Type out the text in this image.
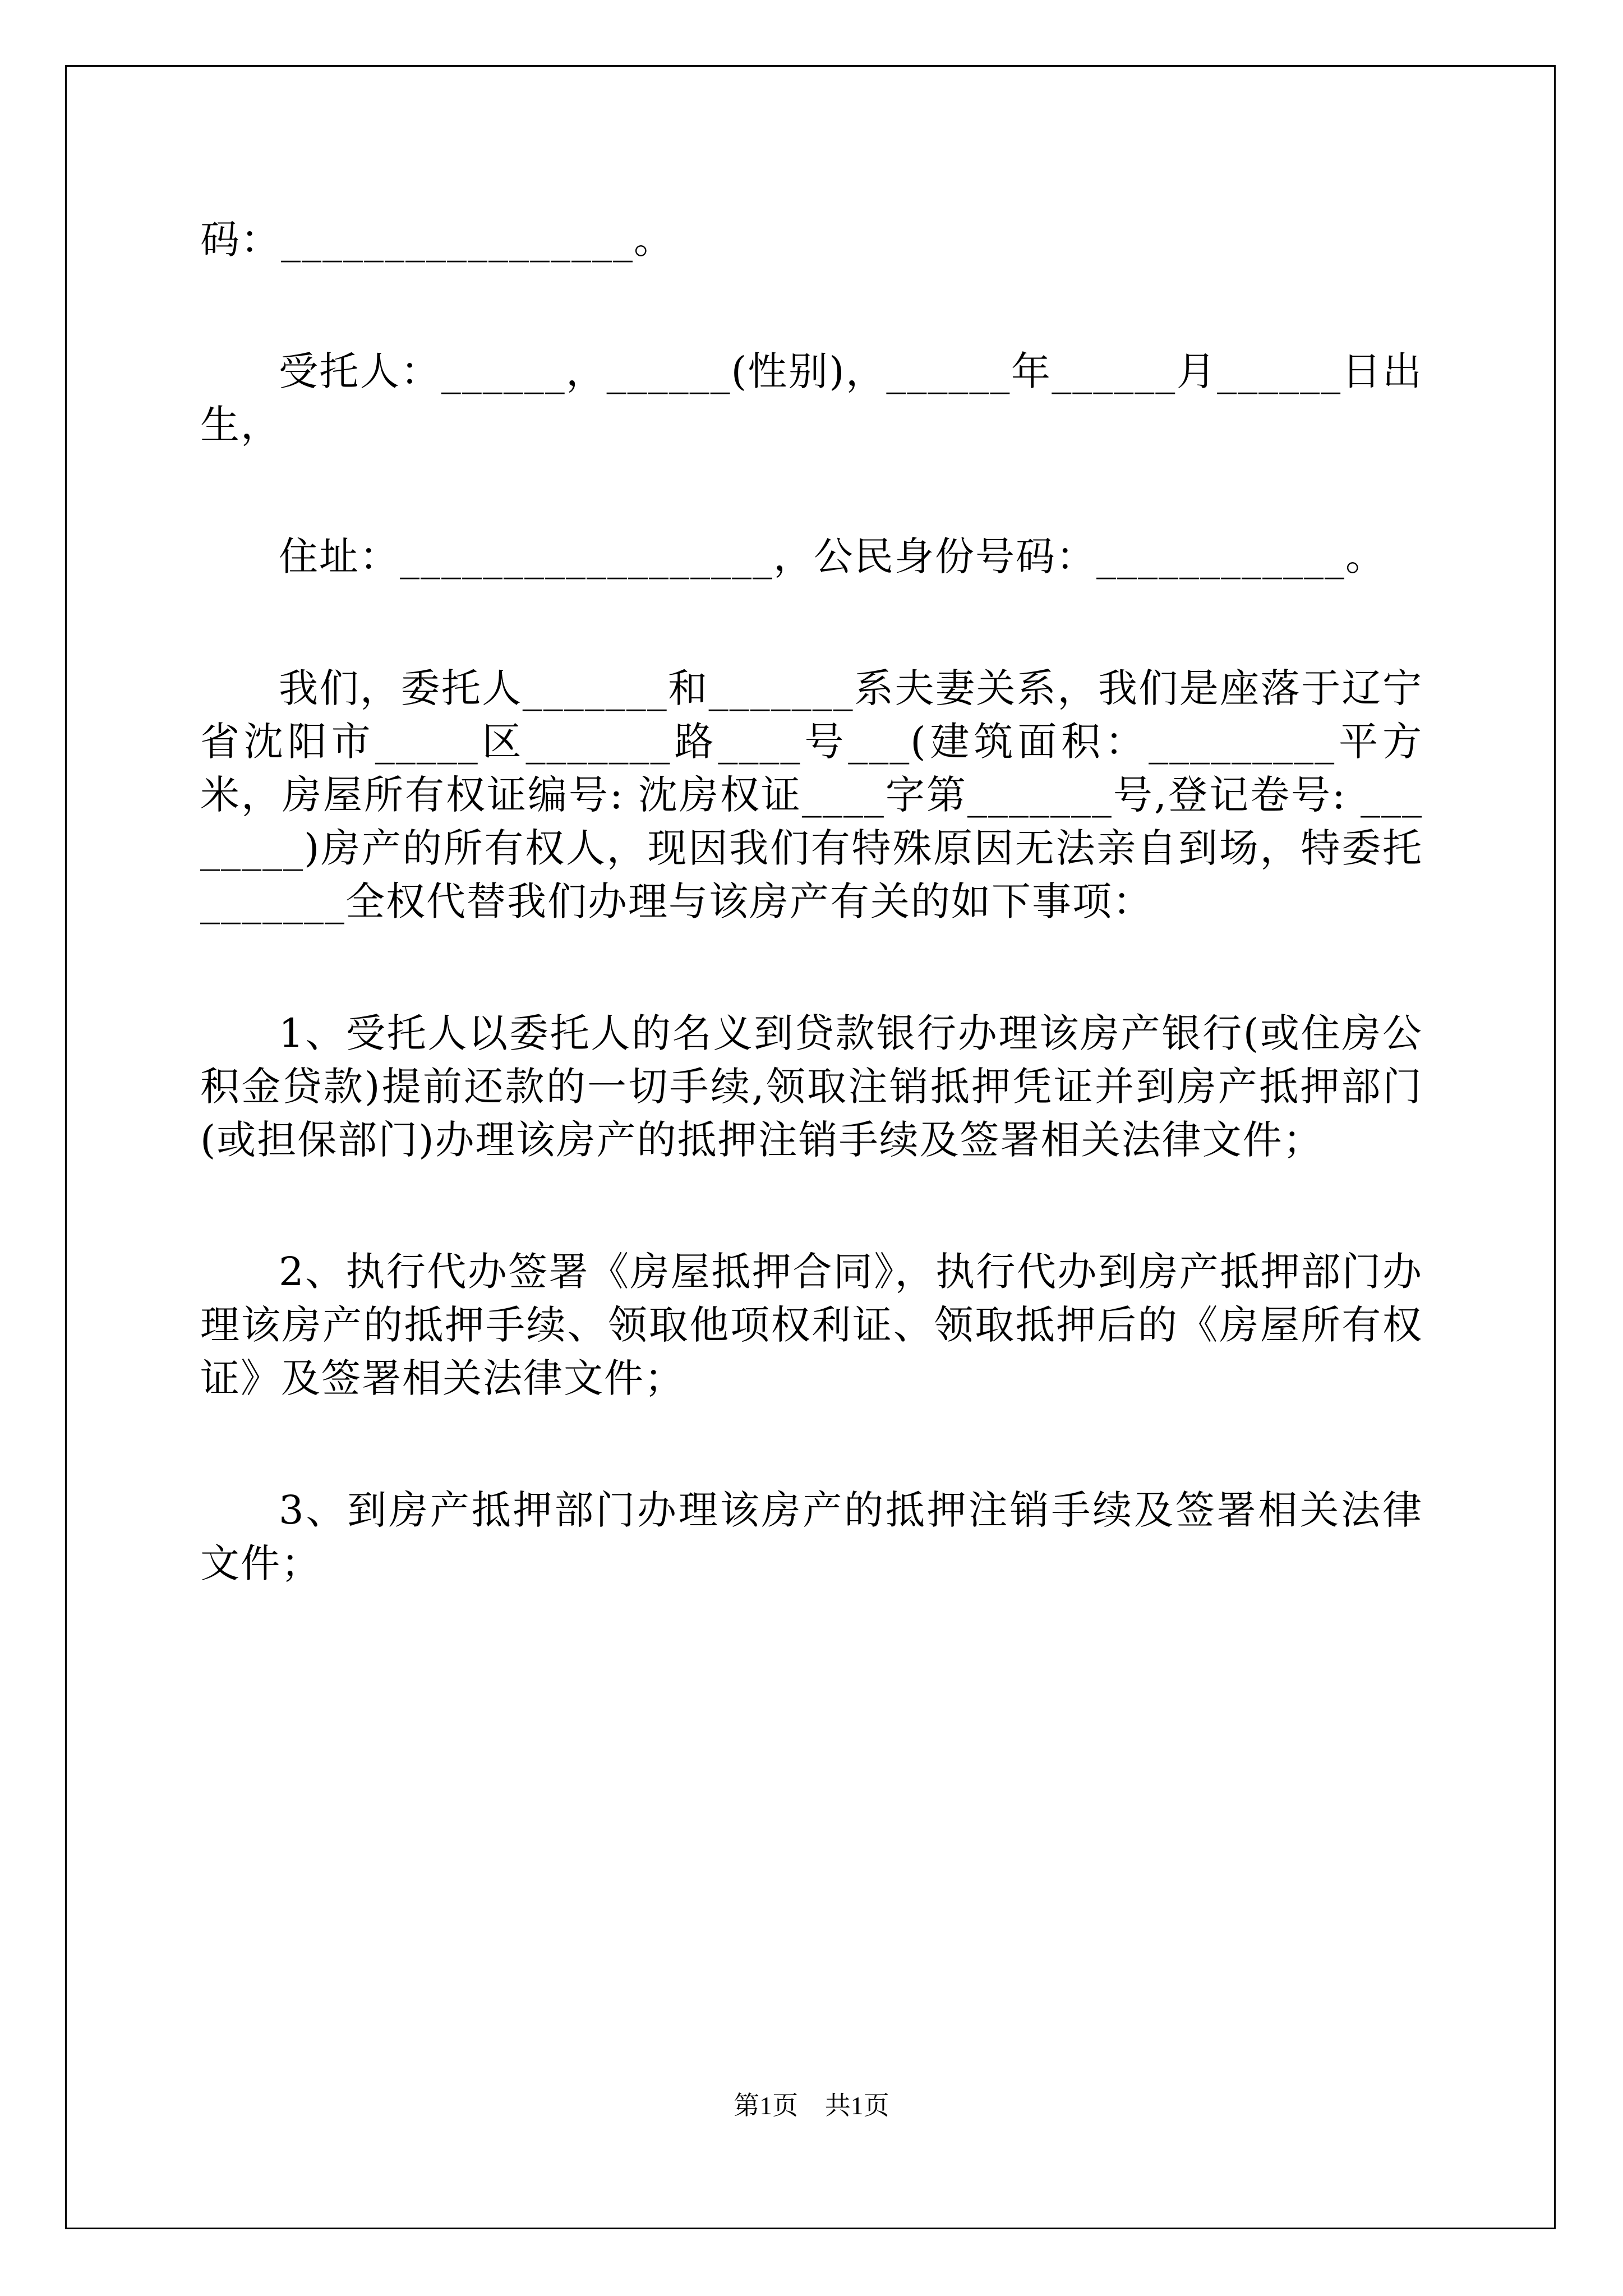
码：_________________。

受托人：______，______(性别)，______年______月______日出生，

住址：__________________，公民身份号码：____________。

我们，委托人_______和_______系夫妻关系，我们是座落于辽宁省沈阳市_____区_______路____号___(建筑面积：_________平方米，房屋所有权证编号: 沈房权证____字第_______号,登记卷号: ________)房产的所有权人，现因我们有特殊原因无法亲自到场，特委托_______全权代替我们办理与该房产有关的如下事项：

1、受托人以委托人的名义到贷款银行办理该房产银行(或住房公积金贷款)提前还款的一切手续,领取注销抵押凭证并到房产抵押部门(或担保部门)办理该房产的抵押注销手续及签署相关法律文件；

2、执行代办签署《房屋抵押合同》，执行代办到房产抵押部门办理该房产的抵押手续、领取他项权利证、领取抵押后的《房屋所有权证》及签署相关法律文件；

3、到房产抵押部门办理该房产的抵押注销手续及签署相关法律文件；

第1页 共1页
